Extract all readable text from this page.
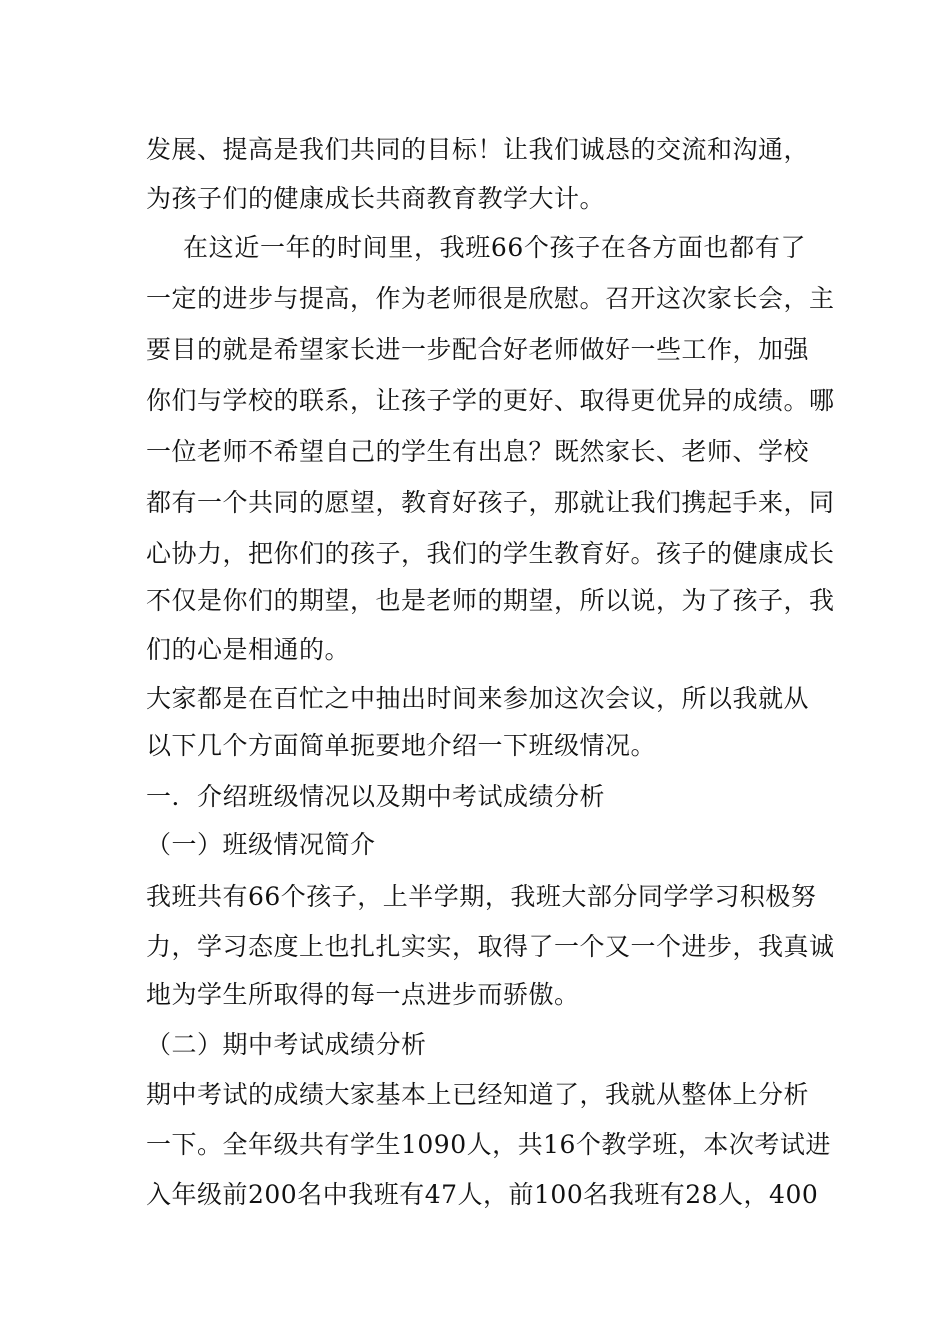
发展、提高是我们共同的目标！让我们诚恳的交流和沟通，
为孩子们的健康成长共商教育教学大计。
在这近一年的时间里，我班66个孩子在各方面也都有了
一定的进步与提高，作为老师很是欣慰。召开这次家长会，主
要目的就是希望家长进一步配合好老师做好一些工作，加强
你们与学校的联系，让孩子学的更好、取得更优异的成绩。哪
一位老师不希望自己的学生有出息？既然家长、老师、学校
都有一个共同的愿望，教育好孩子，那就让我们携起手来，同
心协力，把你们的孩子，我们的学生教育好。孩子的健康成长
不仅是你们的期望，也是老师的期望，所以说，为了孩子，我
们的心是相通的。
大家都是在百忙之中抽出时间来参加这次会议，所以我就从
以下几个方面简单扼要地介绍一下班级情况。
一．介绍班级情况以及期中考试成绩分析
（一）班级情况简介
我班共有66个孩子，上半学期，我班大部分同学学习积极努
力，学习态度上也扎扎实实，取得了一个又一个进步，我真诚
地为学生所取得的每一点进步而骄傲。
（二）期中考试成绩分析
期中考试的成绩大家基本上已经知道了，我就从整体上分析
一下。全年级共有学生1090人，共16个教学班，本次考试进
入年级前200名中我班有47人，前100名我班有28人，400
